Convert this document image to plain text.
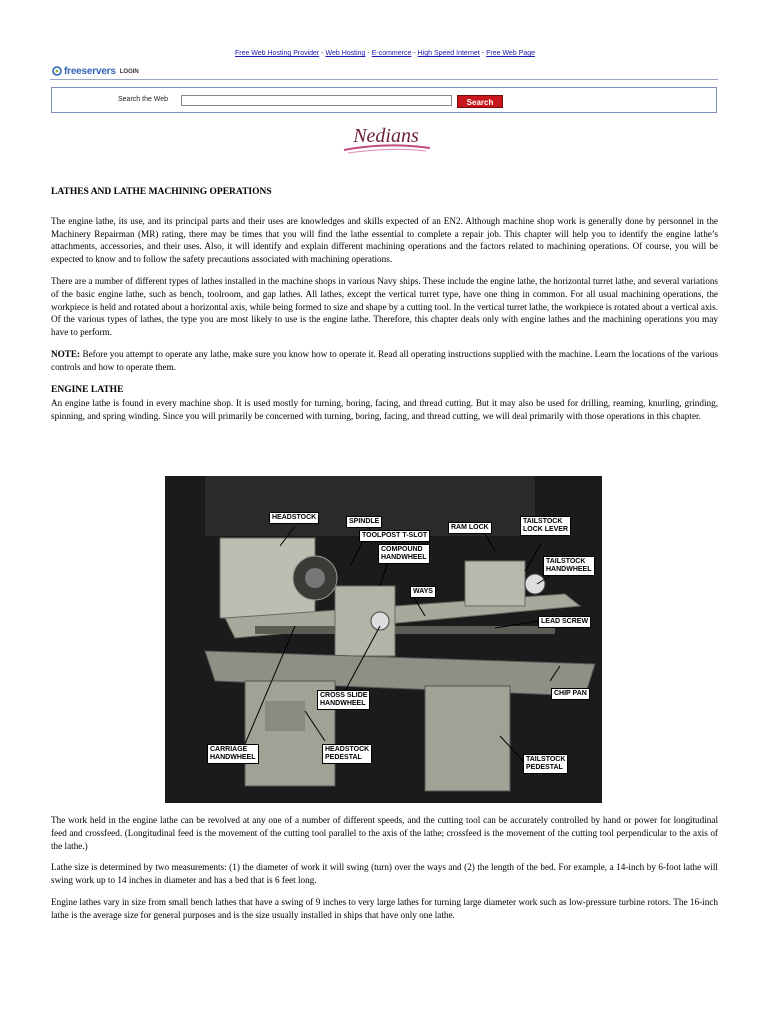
Free Web Hosting Provider - Web Hosting - E-commerce - High Speed Internet - Free Web Page
freeservers LOGIN
Search the Web	Search
Nedians
LATHES AND LATHE MACHINING OPERATIONS

The engine lathe, its use, and its principal parts and their uses are knowledges and skills expected of an EN2. Although machine shop work is generally done by personnel in the Machinery Repairman (MR) rating, there may be times that you will find the lathe essential to complete a repair job. This chapter will help you to identify the engine lathe’s attachments, accessories, and their uses. Also, it will identify and explain different machining operations and the factors related to machining operations. Of course, you will be expected to know and to follow the safety precautions associated with machining operations.

There are a number of different types of lathes installed in the machine shops in various Navy ships. These include the engine lathe, the horizontal turret lathe, and several variations of the basic engine lathe, such as bench, toolroom, and gap lathes. All lathes, except the vertical turret type, have one thing in common. For all usual machining operations, the workpiece is held and rotated about a horizontal axis, while being formed to size and shape by a cutting tool. In the vertical turret lathe, the workpiece is rotated about a vertical axis. Of the various types of lathes, the type you are most likely to use is the engine lathe. Therefore, this chapter deals only with engine lathes and the machining operations you may have to perform.

NOTE: Before you attempt to operate any lathe, make sure you know how to operate it. Read all operating instructions supplied with the machine. Learn the locations of the various controls and how to operate them.

ENGINE LATHE

An engine lathe is found in every machine shop. It is used mostly for turning, boring, facing, and thread cutting. But it may also be used for drilling, reaming, knurling, grinding, spinning, and spring winding. Since you will primarily be concerned with turning, boring, facing, and thread cutting, we will deal primarily with those operations in this chapter.

HEADSTOCK
SPINDLE
TOOLPOST T-SLOT
RAM LOCK
TAILSTOCK
LOCK LEVER
COMPOUND
HANDWHEEL
TAILSTOCK
HANDWHEEL
WAYS
LEAD SCREW
CHIP PAN
CROSS SLIDE
HANDWHEEL
CARRIAGE
HANDWHEEL
HEADSTOCK
PEDESTAL	TAILSTOCK
PEDESTAL

The work held in the engine lathe can be revolved at any one of a number of different speeds, and the cutting tool can be accurately controlled by hand or power for longitudinal feed and crossfeed. (Longitudinal feed is the movement of the cutting tool parallel to the axis of the lathe; crossfeed is the movement of the cutting tool perpendicular to the axis of the lathe.)

Lathe size is determined by two measurements: (1) the diameter of work it will swing (turn) over the ways and (2) the length of the bed. For example, a 14-inch by 6-foot lathe will swing work up to 14 inches in diameter and has a bed that is 6 feet long.

Engine lathes vary in size from small bench lathes that have a swing of 9 inches to very large lathes for turning large diameter work such as low-pressure turbine rotors. The 16-inch lathe is the average size for general purposes and is the size usually installed in ships that have only one lathe.
